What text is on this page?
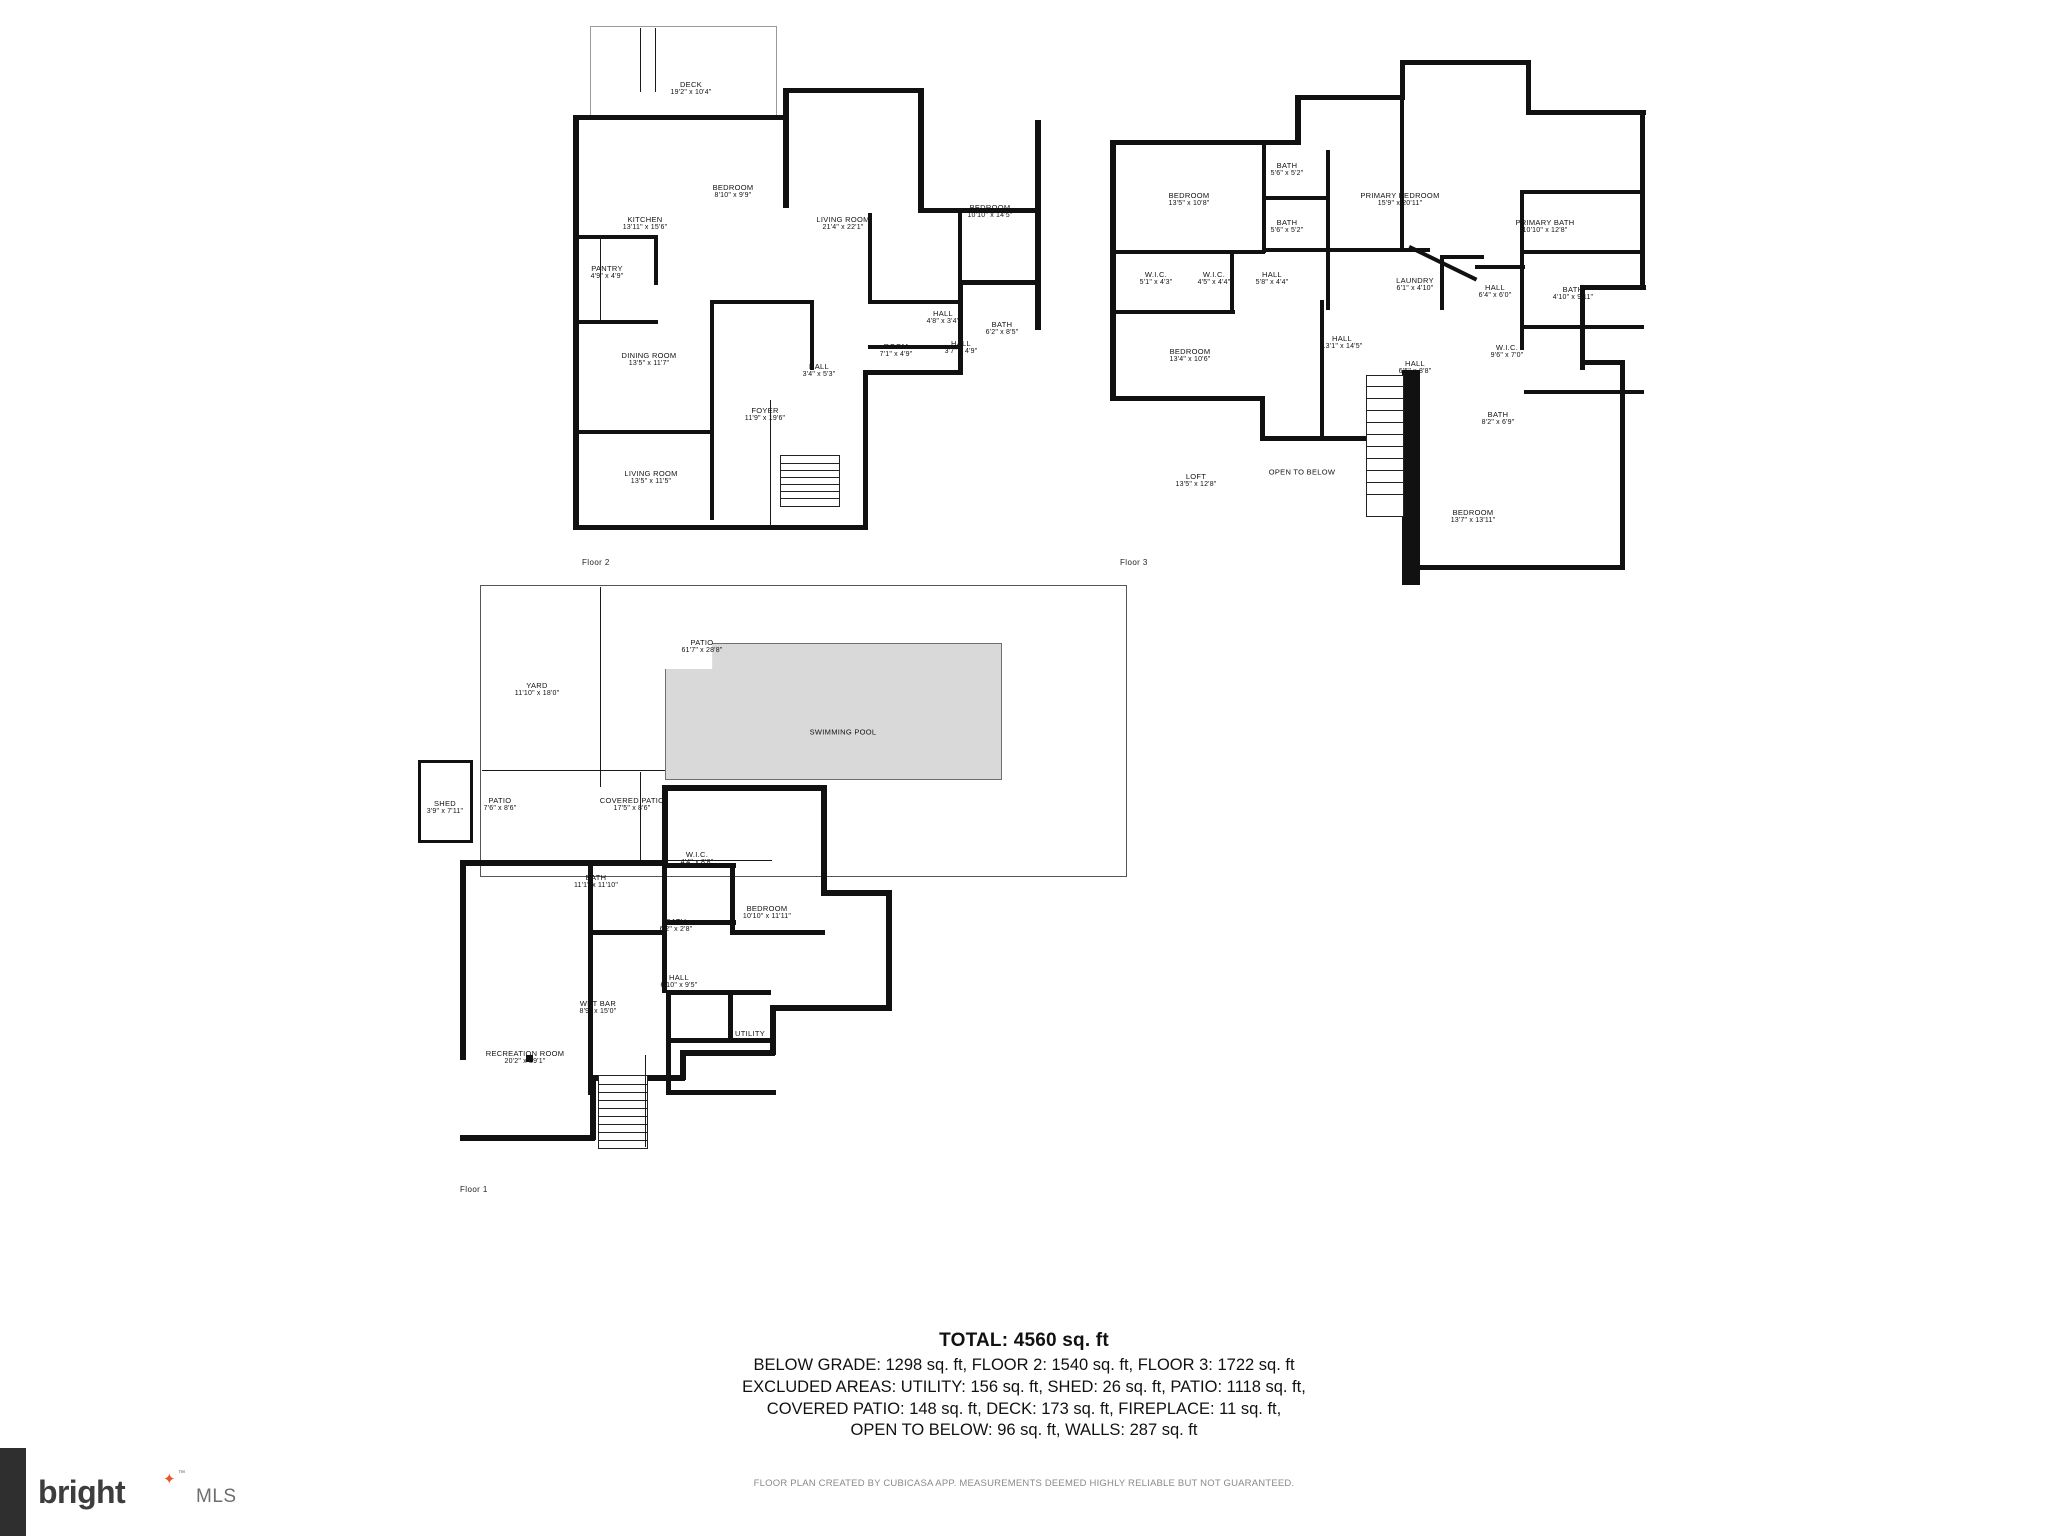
DECK
19'2" x 10'4"
KITCHEN
13'11" x 15'6"
BEDROOM
8'10" x 9'9"
LIVING ROOM
21'4" x 22'1"
BEDROOM
10'10" x 14'5"
PANTRY
4'9" x 4'9"
HALL
4'8" x 3'4"	BATH
6'2" x 8'5"
DINING ROOM
13'5" x 11'7"
ROOM
7'1" x 4'9"
HALL
3'7" x 4'9"
HALL
3'4" x 5'3"
FOYER
11'9" x 19'6"
LIVING ROOM
13'5" x 11'5"
Floor 2
BATH
5'6" x 5'2"
BEDROOM
13'5" x 10'8"
PRIMARY BEDROOM
15'9" x 20'11"
BATH
5'6" x 5'2"
PRIMARY BATH
10'10" x 12'8"
W.I.C.
5'1" x 4'3"
W.I.C.
4'5" x 4'4"
HALL
5'8" x 4'4"
HALL
6'4" x 6'0"
BATH
4'10" x 9'11"
LAUNDRY
6'1" x 4'10"
BEDROOM
13'4" x 10'6"
HALL
13'1" x 14'5"
HALL
6'5" x 8'8"
W.I.C.
9'6" x 7'0"
BATH
8'2" x 6'9"
LOFT
13'5" x 12'8"
OPEN TO BELOW
BEDROOM
13'7" x 13'11"
Floor 3
PATIO
61'7" x 28'8"
YARD
11'10" x 18'0"
SWIMMING POOL
SHED
3'9" x 7'11"
PATIO
7'6" x 8'6"
COVERED PATIO
17'5" x 8'6"
W.I.C.
4'4" x 8'8"
BATH
11'1" x 11'10"
BEDROOM
10'10" x 11'11"
BATH
6'2" x 2'8"
HALL
6'10" x 9'5"
WET BAR
8'9" x 15'0"
UTILITY
18'0" x 10'11"
RECREATION ROOM
20'2" x 39'1"
Floor 1
TOTAL: 4560 sq. ft
BELOW GRADE: 1298 sq. ft, FLOOR 2: 1540 sq. ft, FLOOR 3: 1722 sq. ft
EXCLUDED AREAS: UTILITY: 156 sq. ft, SHED: 26 sq. ft, PATIO: 1118 sq. ft,
COVERED PATIO: 148 sq. ft, DECK: 173 sq. ft, FIREPLACE: 11 sq. ft,
OPEN TO BELOW: 96 sq. ft, WALLS: 287 sq. ft
FLOOR PLAN CREATED BY CUBICASA APP. MEASUREMENTS DEEMED HIGHLY RELIABLE BUT NOT GUARANTEED.
bright	✦ ™
MLS
